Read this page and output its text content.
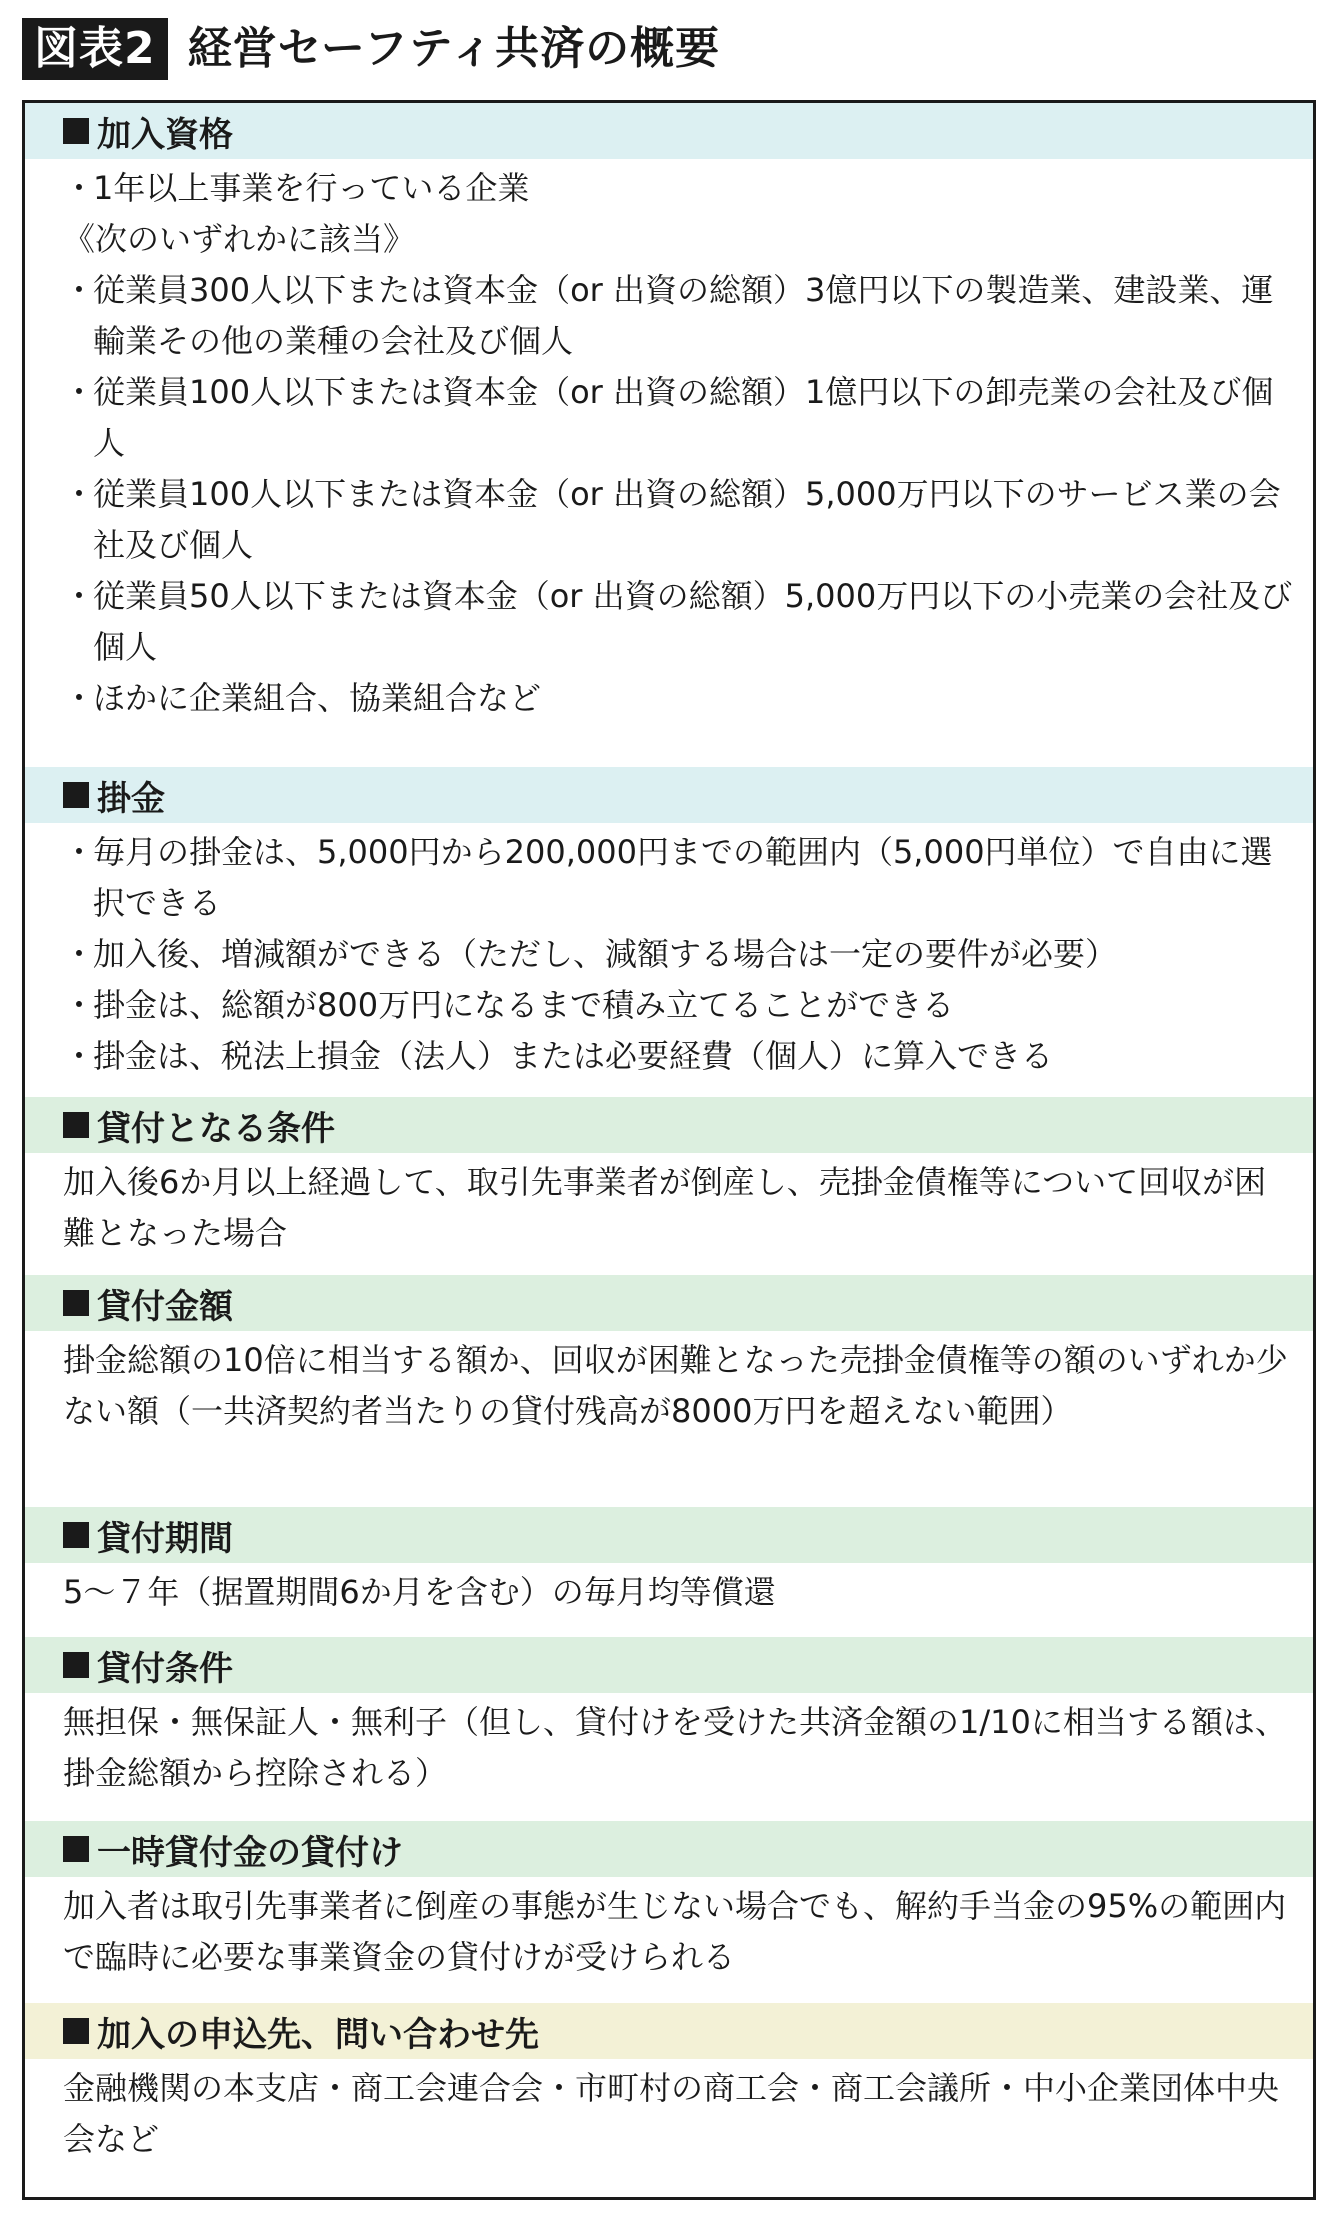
図表2 経営セーフティ共済の概要
加入資格
・
1年以上事業を行っている企業
《次のいずれかに該当》
・
従業員300人以下または資本金（or 出資の総額）3億円以下の製造業、建設業、運輸業その他の業種の会社及び個人
・
従業員100人以下または資本金（or 出資の総額）1億円以下の卸売業の会社及び個人
・
従業員100人以下または資本金（or 出資の総額）5,000万円以下のサービス業の会社及び個人
・
従業員50人以下または資本金（or 出資の総額）5,000万円以下の小売業の会社及び個人
・
ほかに企業組合、協業組合など
掛金
・
毎月の掛金は、5,000円から200,000円までの範囲内（5,000円単位）で自由に選択できる
・
加入後、増減額ができる（ただし、減額する場合は一定の要件が必要）
・
掛金は、総額が800万円になるまで積み立てることができる
・
掛金は、税法上損金（法人）または必要経費（個人）に算入できる
貸付となる条件
加入後6か月以上経過して、取引先事業者が倒産し、売掛金債権等について回収が困難となった場合
貸付金額
掛金総額の10倍に相当する額か、回収が困難となった売掛金債権等の額のいずれか少ない額（一共済契約者当たりの貸付残高が8000万円を超えない範囲）
貸付期間
5〜７年（据置期間6か月を含む）の毎月均等償還
貸付条件
無担保・無保証人・無利子（但し、貸付けを受けた共済金額の1/10に相当する額は、掛金総額から控除される）
一時貸付金の貸付け
加入者は取引先事業者に倒産の事態が生じない場合でも、解約手当金の95%の範囲内で臨時に必要な事業資金の貸付けが受けられる
加入の申込先、問い合わせ先
金融機関の本支店・商工会連合会・市町村の商工会・商工会議所・中小企業団体中央会など
